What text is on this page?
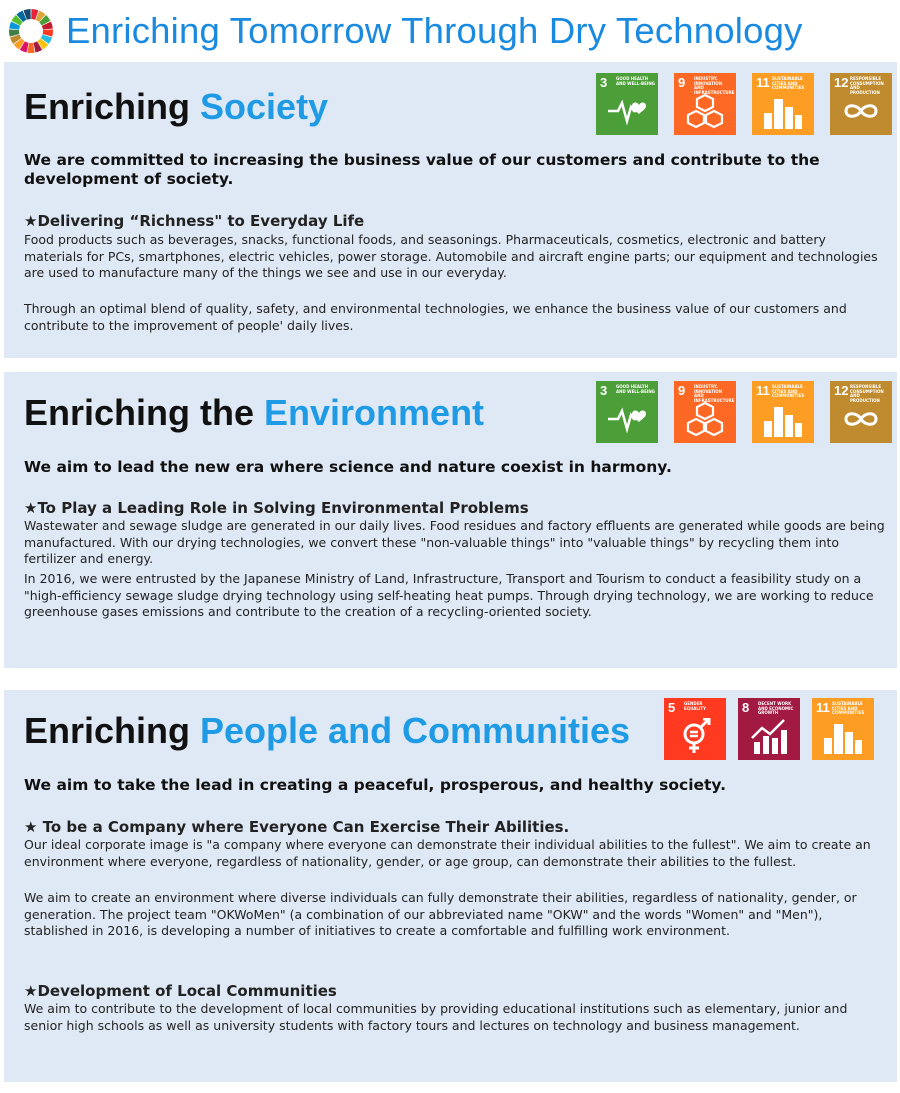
Enriching Tomorrow Through Dry Technology
Enriching Society
3 GOOD HEALTH AND WELL-BEING 9 INDUSTRY, INNOVATION AND INFRASTRUCTURE
11 SUSTAINABLE CITIES AND COMMUNITIES	12 RESPONSIBLE CONSUMPTION AND PRODUCTION
We are committed to increasing the business value of our customers and contribute to the development of society.
★Delivering “Richness" to Everyday Life
Food products such as beverages, snacks, functional foods, and seasonings. Pharmaceuticals, cosmetics, electronic and battery materials for PCs, smartphones, electric vehicles, power storage. Automobile and aircraft engine parts; our equipment and technologies are used to manufacture many of the things we see and use in our everyday.
Through an optimal blend of quality, safety, and environmental technologies, we enhance the business value of our customers and contribute to the improvement of people' daily lives.
Enriching the Environment
3 GOOD HEALTH AND WELL-BEING 9 INDUSTRY, INNOVATION AND INFRASTRUCTURE
11 SUSTAINABLE CITIES AND COMMUNITIES	12 RESPONSIBLE CONSUMPTION AND PRODUCTION
We aim to lead the new era where science and nature coexist in harmony.
★To Play a Leading Role in Solving Environmental Problems
Wastewater and sewage sludge are generated in our daily lives. Food residues and factory effluents are generated while goods are being manufactured. With our drying technologies, we convert these "non-valuable things" into "valuable things" by recycling them into fertilizer and energy.
In 2016, we were entrusted by the Japanese Ministry of Land, Infrastructure, Transport and Tourism to conduct a feasibility study on a "high-efficiency sewage sludge drying technology using self-heating heat pumps. Through drying technology, we are working to reduce greenhouse gases emissions and contribute to the creation of a recycling-oriented society.
Enriching People and Communities
5 GENDER EQUALITY	8 DECENT WORK AND ECONOMIC GROWTH	11 SUSTAINABLE CITIES AND COMMUNITIES
We aim to take the lead in creating a peaceful, prosperous, and healthy society.
★ To be a Company where Everyone Can Exercise Their Abilities.
Our ideal corporate image is "a company where everyone can demonstrate their individual abilities to the fullest". We aim to create an environment where everyone, regardless of nationality, gender, or age group, can demonstrate their abilities to the fullest.
We aim to create an environment where diverse individuals can fully demonstrate their abilities, regardless of nationality, gender, or generation. The project team "OKWoMen" (a combination of our abbreviated name "OKW" and the words "Women" and "Men"), stablished in 2016, is developing a number of initiatives to create a comfortable and fulfilling work environment.
★Development of Local Communities
We aim to contribute to the development of local communities by providing educational institutions such as elementary, junior and senior high schools as well as university students with factory tours and lectures on technology and business management.
